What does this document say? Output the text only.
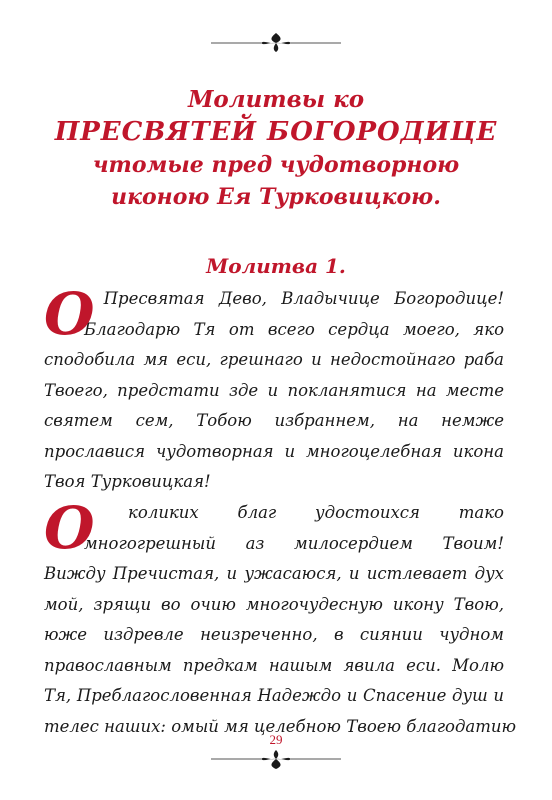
Молитвы ко
ПРЕСВЯТЕЙ БОГОРОДИЦЕ
чтомые пред чудотворною
иконою Ея Турковицкою.
Молитва 1.
О
, Пресвятая Дево, Владычице Богородице!
Благодарю Тя от всего сердца моего, яко
сподобила мя еси, грешнаго и недостойнаго раба
Твоего, предстати зде и покланятися на месте
святем сем, Тобою избраннем, на немже
прославися чудотворная и многоцелебная икона
Твоя Турковицкая!
О
, коликих благ удостоихся тако
многогрешный аз милосердием Твоим!
Вижду Пречистая, и ужасаюся, и истлевает дух
мой, зрящи во очию многочудесную икону Твою,
юже издревле неизреченно, в сиянии чудном
православным предкам нашым явила еси. Молю
Тя, Преблагословенная Надеждо и Спасение душ и
телес наших: омый мя целебною Твоею благодатию
29
